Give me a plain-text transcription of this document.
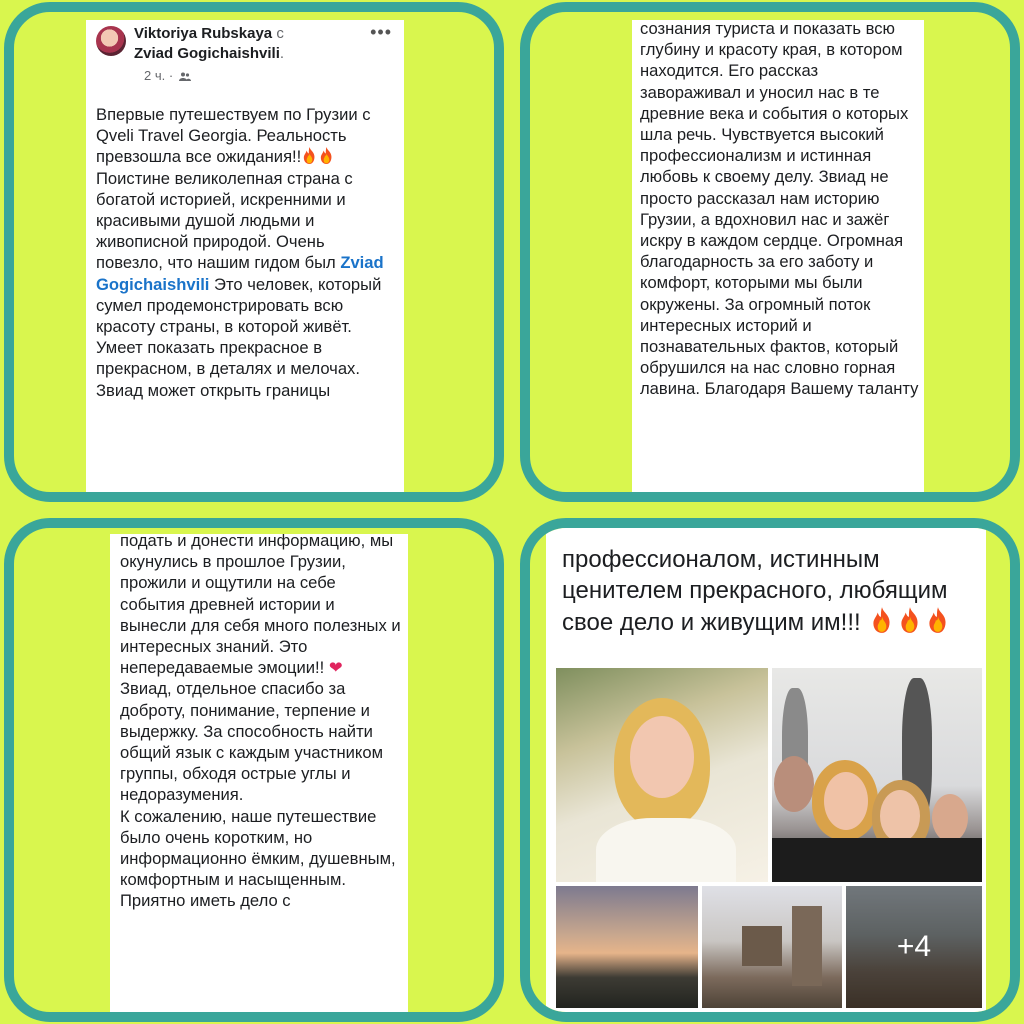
Viktoriya Rubskaya с
Zviad Gogichaishvili.
•••
2 ч. ·
Впервые путешествуем по Грузии с Qveli Travel Georgia. Реальность превзошла все ожидания!! Поистине великолепная страна с богатой историей, искренними и красивыми душой людьми и живописной природой. Очень повезло, что нашим гидом был Zviad Gogichaishvili Это человек, который сумел продемонстрировать всю красоту страны, в которой живёт. Умеет показать прекрасное в прекрасном, в деталях и мелочах. Звиад может открыть границы
сознания туриста и показать всю глубину и красоту края, в котором находится. Его рассказ завораживал и уносил нас в те древние века и события о которых шла речь. Чувствуется высокий профессионализм и истинная любовь к своему делу. Звиад не просто рассказал нам историю Грузии, а вдохновил нас и зажёг искру в каждом сердце. Огромная благодарность за его заботу и комфорт, которыми мы были окружены. За огромный поток интересных историй и познавательных фактов, который обрушился на нас словно горная лавина. Благодаря Вашему таланту
подать и донести информацию, мы окунулись в прошлое Грузии, прожили и ощутили на себе события древней истории и вынесли для себя много полезных и интересных знаний. Это непередаваемые эмоции!! ❤
Звиад, отдельное спасибо за доброту, понимание, терпение и выдержку. За способность найти общий язык с каждым участником группы, обходя острые углы и недоразумения.
К сожалению, наше путешествие было очень коротким, но информационно ёмким, душевным, комфортным и насыщенным. Приятно иметь дело с
профессионалом, истинным ценителем прекрасного, любящим свое дело и живущим им!!!
+4
